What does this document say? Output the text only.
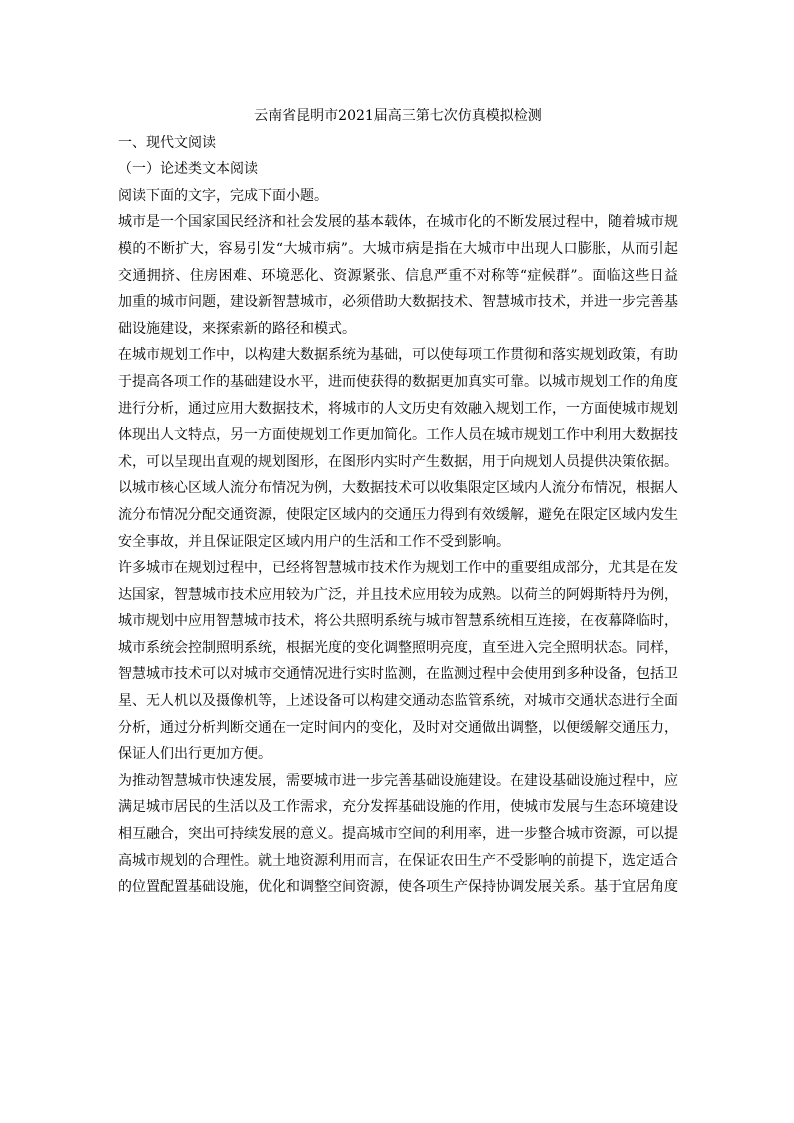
云南省昆明市2021届高三第七次仿真模拟检测

一、现代文阅读

（一）论述类文本阅读

阅读下面的文字，完成下面小题。

城市是一个国家国民经济和社会发展的基本载体，在城市化的不断发展过程中，随着城市规模的不断扩大，容易引发“大城市病”。大城市病是指在大城市中出现人口膨胀，从而引起交通拥挤、住房困难、环境恶化、资源紧张、信息严重不对称等“症候群”。面临这些日益加重的城市问题，建设新智慧城市，必须借助大数据技术、智慧城市技术，并进一步完善基础设施建设，来探索新的路径和模式。

在城市规划工作中，以构建大数据系统为基础，可以使每项工作贯彻和落实规划政策，有助于提高各项工作的基础建设水平，进而使获得的数据更加真实可靠。以城市规划工作的角度进行分析，通过应用大数据技术，将城市的人文历史有效融入规划工作，一方面使城市规划体现出人文特点，另一方面使规划工作更加简化。工作人员在城市规划工作中利用大数据技术，可以呈现出直观的规划图形，在图形内实时产生数据，用于向规划人员提供决策依据。以城市核心区域人流分布情况为例，大数据技术可以收集限定区域内人流分布情况，根据人流分布情况分配交通资源，使限定区域内的交通压力得到有效缓解，避免在限定区域内发生安全事故，并且保证限定区域内用户的生活和工作不受到影响。

许多城市在规划过程中，已经将智慧城市技术作为规划工作中的重要组成部分，尤其是在发达国家，智慧城市技术应用较为广泛，并且技术应用较为成熟。以荷兰的阿姆斯特丹为例，城市规划中应用智慧城市技术，将公共照明系统与城市智慧系统相互连接，在夜幕降临时，城市系统会控制照明系统，根据光度的变化调整照明亮度，直至进入完全照明状态。同样，智慧城市技术可以对城市交通情况进行实时监测，在监测过程中会使用到多种设备，包括卫星、无人机以及摄像机等，上述设备可以构建交通动态监管系统，对城市交通状态进行全面分析，通过分析判断交通在一定时间内的变化，及时对交通做出调整，以便缓解交通压力，保证人们出行更加方便。

为推动智慧城市快速发展，需要城市进一步完善基础设施建设。在建设基础设施过程中，应满足城市居民的生活以及工作需求，充分发挥基础设施的作用，使城市发展与生态环境建设相互融合，突出可持续发展的意义。提高城市空间的利用率，进一步整合城市资源，可以提高城市规划的合理性。就土地资源利用而言，在保证农田生产不受影响的前提下，选定适合的位置配置基础设施，优化和调整空间资源，使各项生产保持协调发展关系。基于宜居角度
